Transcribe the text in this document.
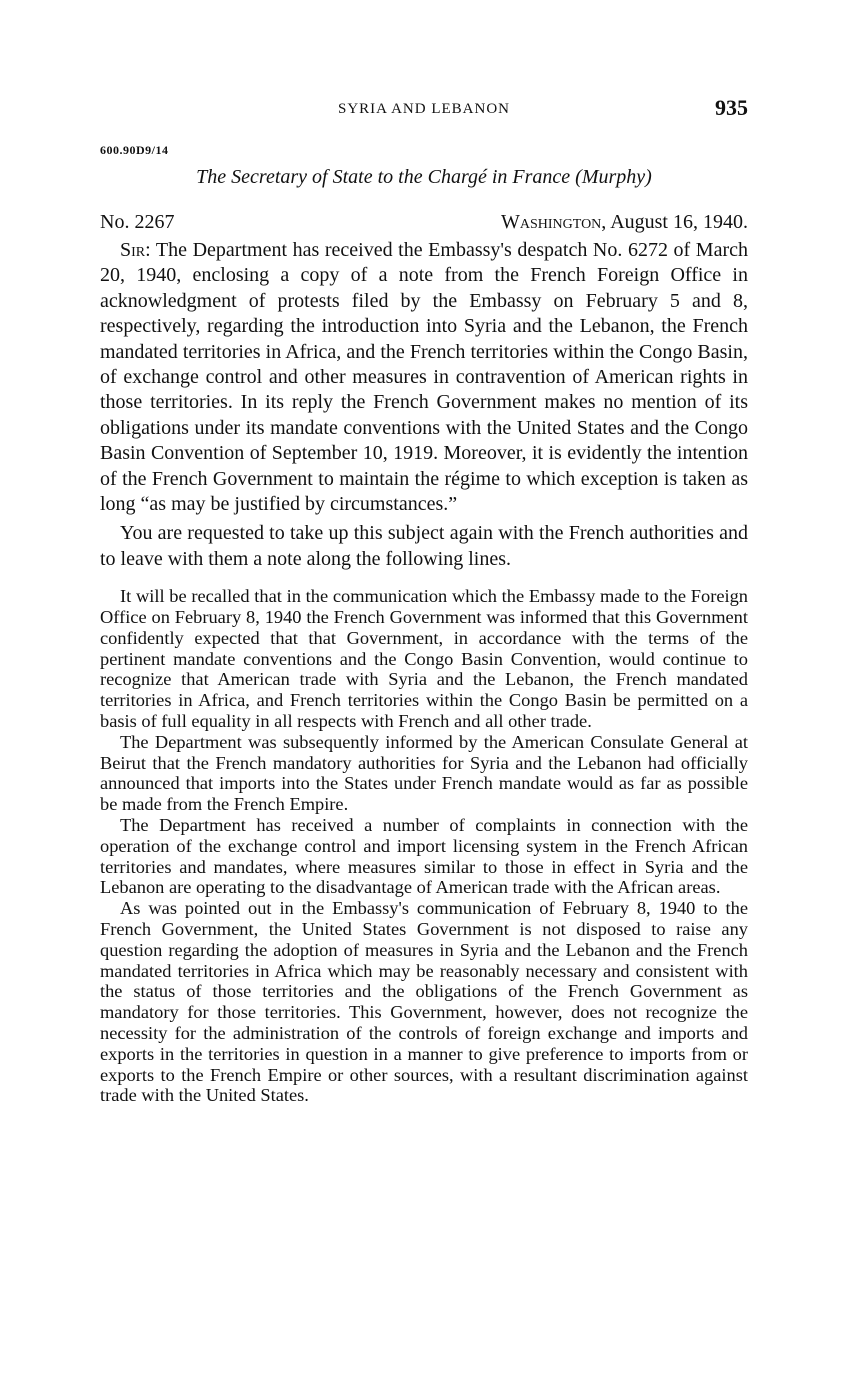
SYRIA AND LEBANON	935
600.90D9/14
The Secretary of State to the Chargé in France (Murphy)
No. 2267	Washington, August 16, 1940.

Sir: The Department has received the Embassy's despatch No. 6272 of March 20, 1940, enclosing a copy of a note from the French Foreign Office in acknowledgment of protests filed by the Embassy on February 5 and 8, respectively, regarding the introduction into Syria and the Lebanon, the French mandated territories in Africa, and the French territories within the Congo Basin, of exchange control and other measures in contravention of American rights in those territories. In its reply the French Government makes no mention of its obligations under its mandate conventions with the United States and the Congo Basin Convention of September 10, 1919. Moreover, it is evidently the intention of the French Government to maintain the régime to which exception is taken as long “as may be justified by circumstances.”

You are requested to take up this subject again with the French authorities and to leave with them a note along the following lines.

It will be recalled that in the communication which the Embassy made to the Foreign Office on February 8, 1940 the French Government was informed that this Government confidently expected that that Government, in accordance with the terms of the pertinent mandate conventions and the Congo Basin Convention, would continue to recognize that American trade with Syria and the Lebanon, the French mandated territories in Africa, and French territories within the Congo Basin be permitted on a basis of full equality in all respects with French and all other trade.

The Department was subsequently informed by the American Consulate General at Beirut that the French mandatory authorities for Syria and the Lebanon had officially announced that imports into the States under French mandate would as far as possible be made from the French Empire.

The Department has received a number of complaints in connection with the operation of the exchange control and import licensing system in the French African territories and mandates, where measures similar to those in effect in Syria and the Lebanon are operating to the disadvantage of American trade with the African areas.

As was pointed out in the Embassy's communication of February 8, 1940 to the French Government, the United States Government is not disposed to raise any question regarding the adoption of measures in Syria and the Lebanon and the French mandated territories in Africa which may be reasonably necessary and consistent with the status of those territories and the obligations of the French Government as mandatory for those territories. This Government, however, does not recognize the necessity for the administration of the controls of foreign exchange and imports and exports in the territories in question in a manner to give preference to imports from or exports to the French Empire or other sources, with a resultant discrimination against trade with the United States.
